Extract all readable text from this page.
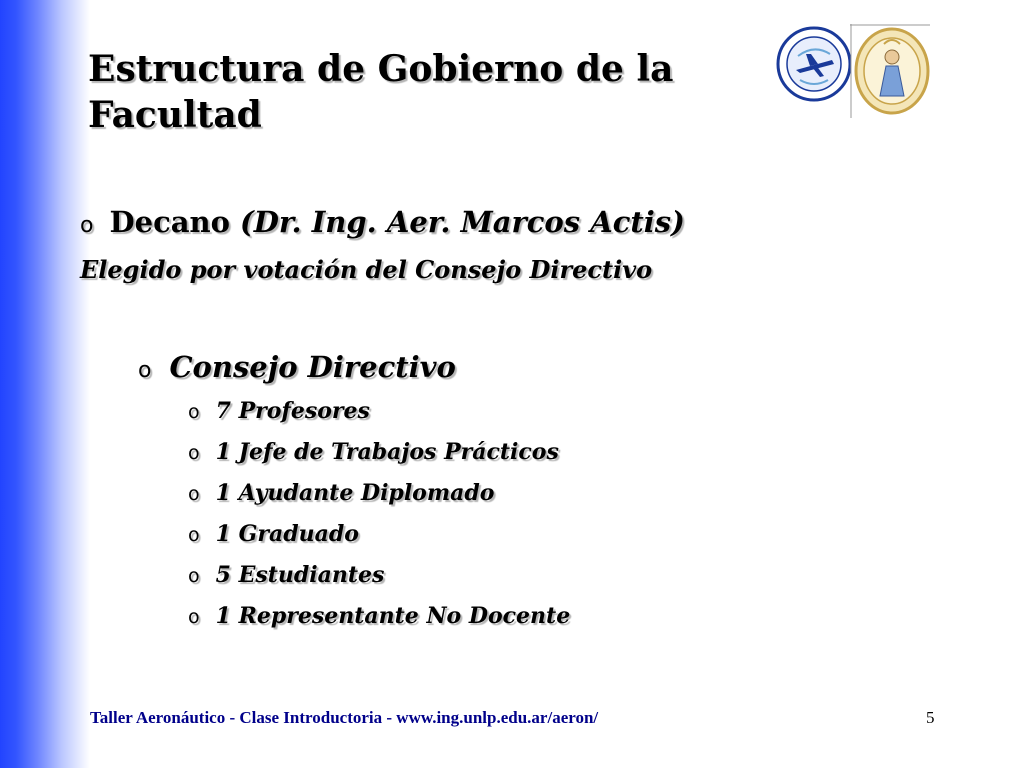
Estructura de Gobierno de la Facultad
o Decano (Dr. Ing. Aer. Marcos Actis)
Elegido por votación del Consejo Directivo
o Consejo Directivo
o 7 Profesores
o 1 Jefe de Trabajos Prácticos
o 1 Ayudante Diplomado
o 1 Graduado
o 5 Estudiantes
o 1 Representante No Docente
Taller Aeronáutico - Clase Introductoria - www.ing.unlp.edu.ar/aeron/	5
